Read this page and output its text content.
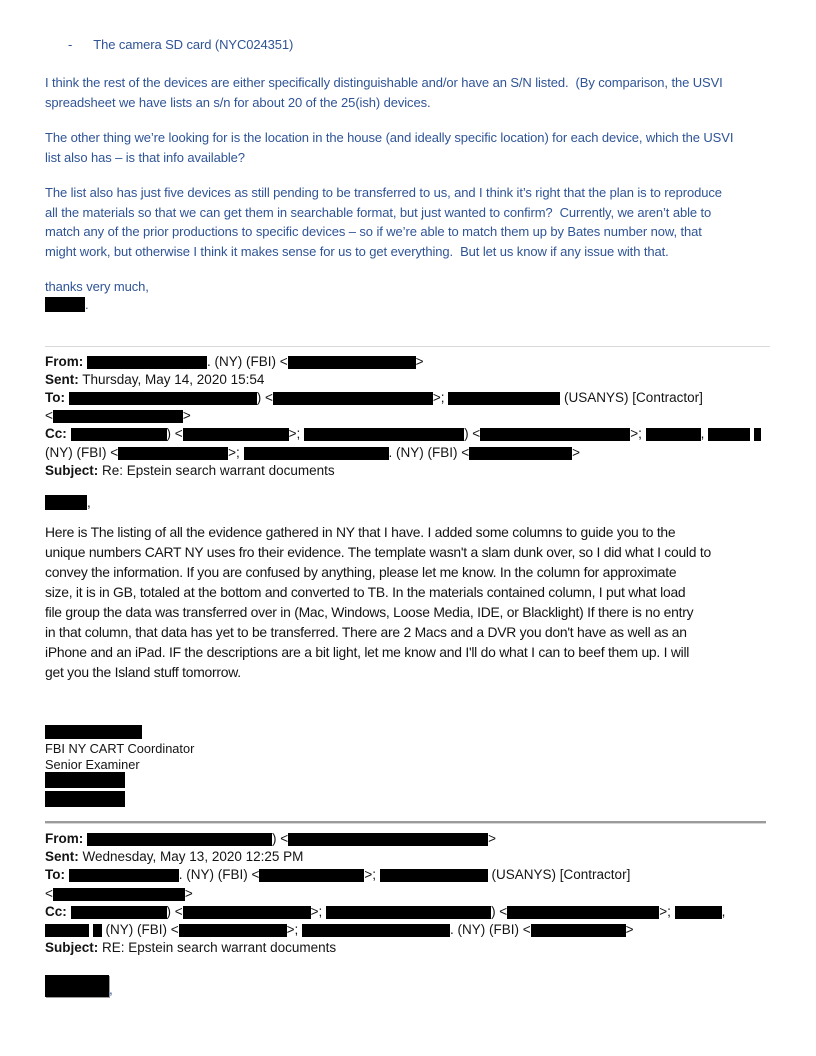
- The camera SD card (NYC024351)
I think the rest of the devices are either specifically distinguishable and/or have an S/N listed.  (By comparison, the USVI
spreadsheet we have lists an s/n for about 20 of the 25(ish) devices.
The other thing we’re looking for is the location in the house (and ideally specific location) for each device, which the USVI
list also has – is that info available?
The list also has just five devices as still pending to be transferred to us, and I think it’s right that the plan is to reproduce
all the materials so that we can get them in searchable format, but just wanted to confirm?  Currently, we aren’t able to
match any of the prior productions to specific devices – so if we’re able to match them up by Bates number now, that
might work, but otherwise I think it makes sense for us to get everything.  But let us know if any issue with that.
thanks very much,
.
From:	. (NY) (FBI) <	>
Sent: Thursday, May 14, 2020 15:54
To:	) <	>;	(USANYS) [Contractor]
<	>
Cc:	) <	>;	) <	>;	,
(NY) (FBI) <	>;	. (NY) (FBI) <	>
Subject: Re: Epstein search warrant documents
,
Here is The listing of all the evidence gathered in NY that I have. I added some columns to guide you to the
unique numbers CART NY uses fro their evidence. The template wasn't a slam dunk over, so I did what I could to
convey the information. If you are confused by anything, please let me know. In the column for approximate
size, it is in GB, totaled at the bottom and converted to TB. In the materials contained column, I put what load
file group the data was transferred over in (Mac, Windows, Loose Media, IDE, or Blacklight) If there is no entry
in that column, that data has yet to be transferred. There are 2 Macs and a DVR you don't have as well as an
iPhone and an iPad. IF the descriptions are a bit light, let me know and I'll do what I can to beef them up. I will
get you the Island stuff tomorrow.
FBI NY CART Coordinator
Senior Examiner
From:	) <	>
Sent: Wednesday, May 13, 2020 12:25 PM
To:	. (NY) (FBI) <	>;	(USANYS) [Contractor]
<	>
Cc:	) <	>;	) <	>;	,
(NY) (FBI) <	>;	. (NY) (FBI) <	>
Subject: RE: Epstein search warrant documents
,
